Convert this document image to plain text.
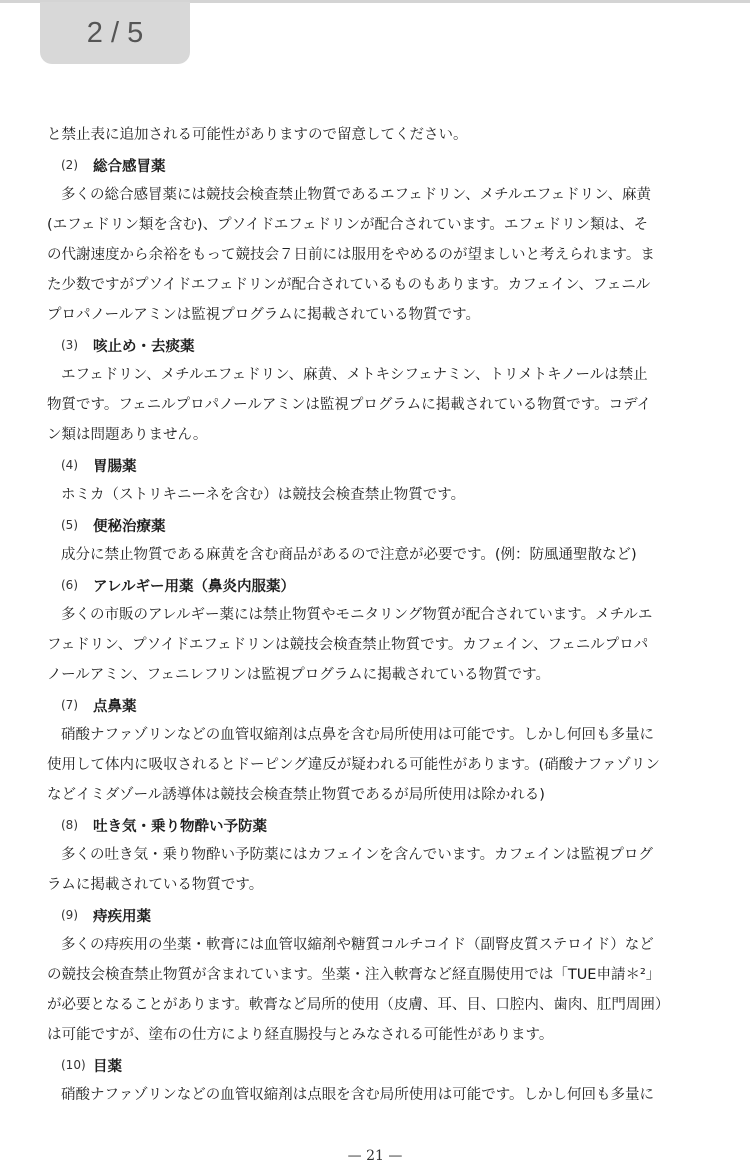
2 / 5
と禁止表に追加される可能性がありますので留意してください。
(2)	総合感冒薬
多くの総合感冒薬には競技会検査禁止物質であるエフェドリン、メチルエフェドリン、麻黄
(エフェドリン類を含む)、プソイドエフェドリンが配合されています。エフェドリン類は、そ
の代謝速度から余裕をもって競技会７日前には服用をやめるのが望ましいと考えられます。ま
た少数ですがプソイドエフェドリンが配合されているものもあります。カフェイン、フェニル
プロパノールアミンは監視プログラムに掲載されている物質です。
(3)	咳止め・去痰薬
エフェドリン、メチルエフェドリン、麻黄、メトキシフェナミン、トリメトキノールは禁止
物質です。フェニルプロパノールアミンは監視プログラムに掲載されている物質です。コデイ
ン類は問題ありません。
(4)	胃腸薬
ホミカ（ストリキニーネを含む）は競技会検査禁止物質です。
(5)	便秘治療薬
成分に禁止物質である麻黄を含む商品があるので注意が必要です。(例：防風通聖散など)
(6)	アレルギー用薬（鼻炎内服薬）
多くの市販のアレルギー薬には禁止物質やモニタリング物質が配合されています。メチルエ
フェドリン、プソイドエフェドリンは競技会検査禁止物質です。カフェイン、フェニルプロパ
ノールアミン、フェニレフリンは監視プログラムに掲載されている物質です。
(7)	点鼻薬
硝酸ナファゾリンなどの血管収縮剤は点鼻を含む局所使用は可能です。しかし何回も多量に
使用して体内に吸収されるとドーピング違反が疑われる可能性があります。(硝酸ナファゾリン
などイミダゾール誘導体は競技会検査禁止物質であるが局所使用は除かれる)
(8)	吐き気・乗り物酔い予防薬
多くの吐き気・乗り物酔い予防薬にはカフェインを含んでいます。カフェインは監視プログ
ラムに掲載されている物質です。
(9)	痔疾用薬
多くの痔疾用の坐薬・軟膏には血管収縮剤や糖質コルチコイド（副腎皮質ステロイド）など
の競技会検査禁止物質が含まれています。坐薬・注入軟膏など経直腸使用では「TUE申請＊²」
が必要となることがあります。軟膏など局所的使用（皮膚、耳、目、口腔内、歯肉、肛門周囲）
は可能ですが、塗布の仕方により経直腸投与とみなされる可能性があります。
(10) 目薬
硝酸ナファゾリンなどの血管収縮剤は点眼を含む局所使用は可能です。しかし何回も多量に
— 21 —
